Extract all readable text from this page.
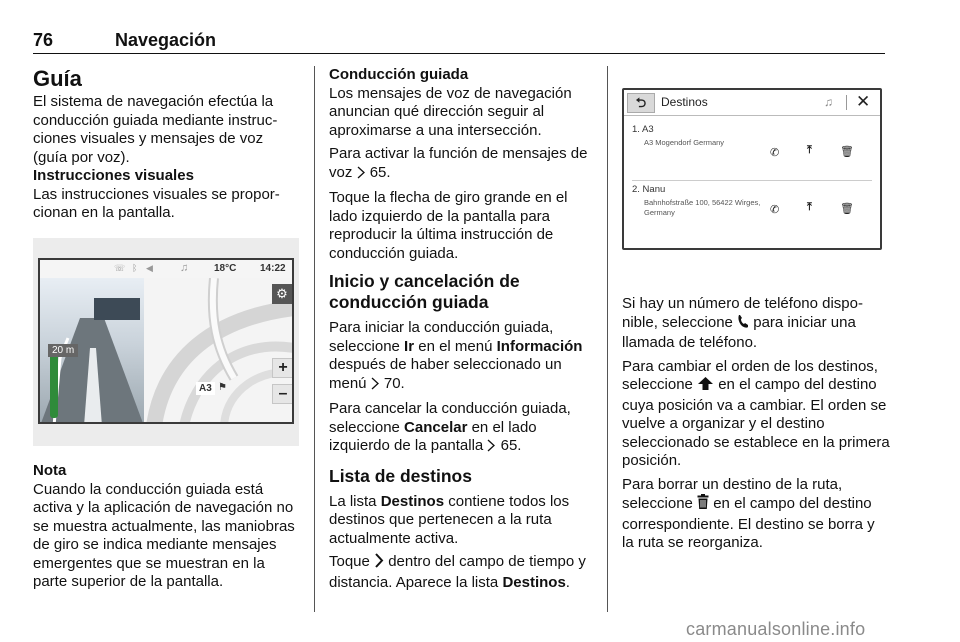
76	Navegación
Guía

El sistema de navegación efectúa la conducción guiada mediante instrucciones visuales y mensajes de voz (guía por voz).

Instrucciones visuales

Las instrucciones visuales se proporcionan en la pantalla.

☏ ᛒ ◀ ♫	18°C 14:22
20 m
⚙
+
–
A3 ⚑
Nota

Cuando la conducción guiada está activa y la aplicación de navegación no se muestra actualmente, las maniobras de giro se indica mediante mensajes emergentes que se muestran en la parte superior de la pantalla.

Conducción guiada

Los mensajes de voz de navegación anuncian qué dirección seguir al aproximarse a una intersección.

Para activar la función de mensajes de voz  65.

Toque la flecha de giro grande en el lado izquierdo de la pantalla para reproducir la última instrucción de conducción guiada.

Inicio y cancelación de
conducción guiada

Para iniciar la conducción guiada, seleccione Ir en el menú Información después de haber seleccionado un menú  70.

Para cancelar la conducción guiada, seleccione Cancelar en el lado izquierdo de la pantalla  65.

Lista de destinos

La lista Destinos contiene todos los destinos que pertenecen a la ruta actualmente activa.

Toque  dentro del campo de tiempo y distancia. Aparece la lista Destinos.

⮌	Destinos	♫ ✕
1. A3
A3 Mogendorf Germany
✆	⤒	🗑
2. Nanu
Bahnhofstraße 100, 56422 Wirges,
Germany	✆	⤒	🗑

Si hay un número de teléfono disponible, seleccione  para iniciar una llamada de teléfono.

Para cambiar el orden de los destinos, seleccione  en el campo del destino cuya posición va a cambiar. El orden se vuelve a organizar y el destino seleccionado se establece en la primera posición.

Para borrar un destino de la ruta, seleccione  en el campo del destino correspondiente. El destino se borra y la ruta se reorganiza.

carmanualsonline.info
